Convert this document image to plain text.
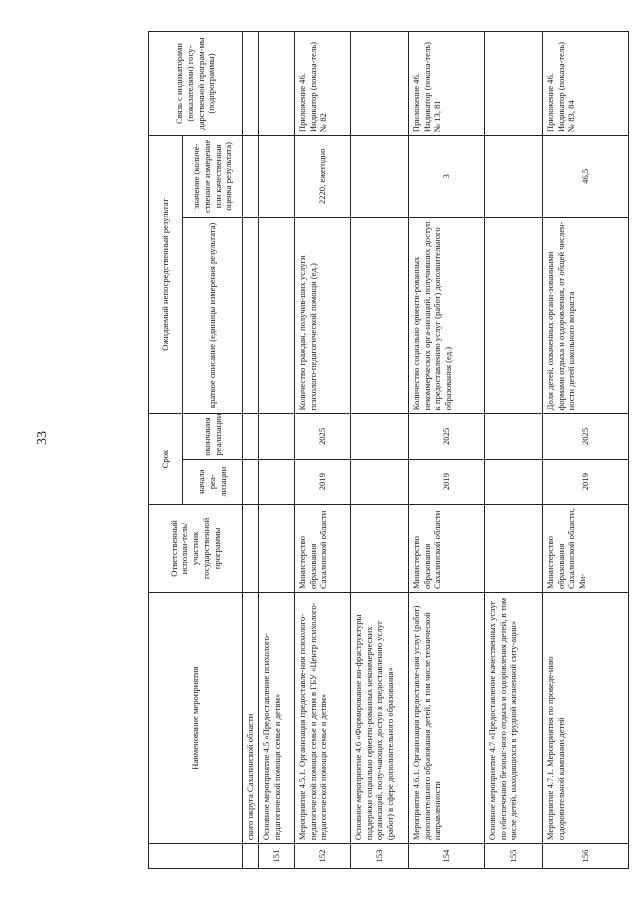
33
	Наименование мероприятия	Ответственный исполни-тель/участник государственной программы	Срок		Ожидаемый непосредственный результат		Связь с индикаторами (показателями) госу-дарственной програм-мы (подпрограммы)
			начала реа-лизации	окончания реализации	краткое описание (единицы измерения результата)	значение (количе-ственное измерение или качественная оценка результата)	
	ского округа Сахалинской области						
151	Основное мероприятие 4.5 «Предоставление психолого-педагогической помощи семье и детям»						
152	Мероприятие 4.5.1. Организация предоставле-ния психолого-педагогической помощи семье и детям в ГБУ «Центр психолого-педагогической помощи семье и детям»	Министерство образования Сахалинской области	2019	2025	Количество граждан, получив-ших услуги психолого-педагогической помощи (ед.)	2220, ежегодно	Приложение 46. Индикатор (показа-тель) № 82
153	Основное мероприятие 4.6 «Формирование ин-фраструктуры поддержки социально ориенти-рованных некоммерческих организаций, полу-чающих доступ к предоставлению услуг (работ) в сфере дополнительного образования»						
154	Мероприятие 4.6.1. Организация предоставле-ния услуг (работ) дополнительного образования детей, в том числе технической направленности	Министерство образования Сахалинской области	2019	2025	Количество социально ориенти-рованных некоммерческих орга-низаций, получивших доступ к предоставлению услуг (работ) дополнительного образования (ед.)	3	Приложение 46. Индикатор (показа-тель) № 13, 81
155	Основное мероприятие 4.7 «Предоставление качественных услуг по обеспечению безопас-ного отдыха и оздоровления детей, в том числе детей, находящихся в трудной жизненной ситу-ации»						
156	Мероприятие 4.7.1. Мероприятия по проведе-нию оздоровительной кампании детей	Министерство образования Сахалинской области, Ми-	2019	2025	Доля детей, охваченных органи-зованными формами отдыха и оздоровления, от общей числен-ности детей школьного возраста	46,5	Приложение 46. Индикатор (показа-тель) № 83, 84
